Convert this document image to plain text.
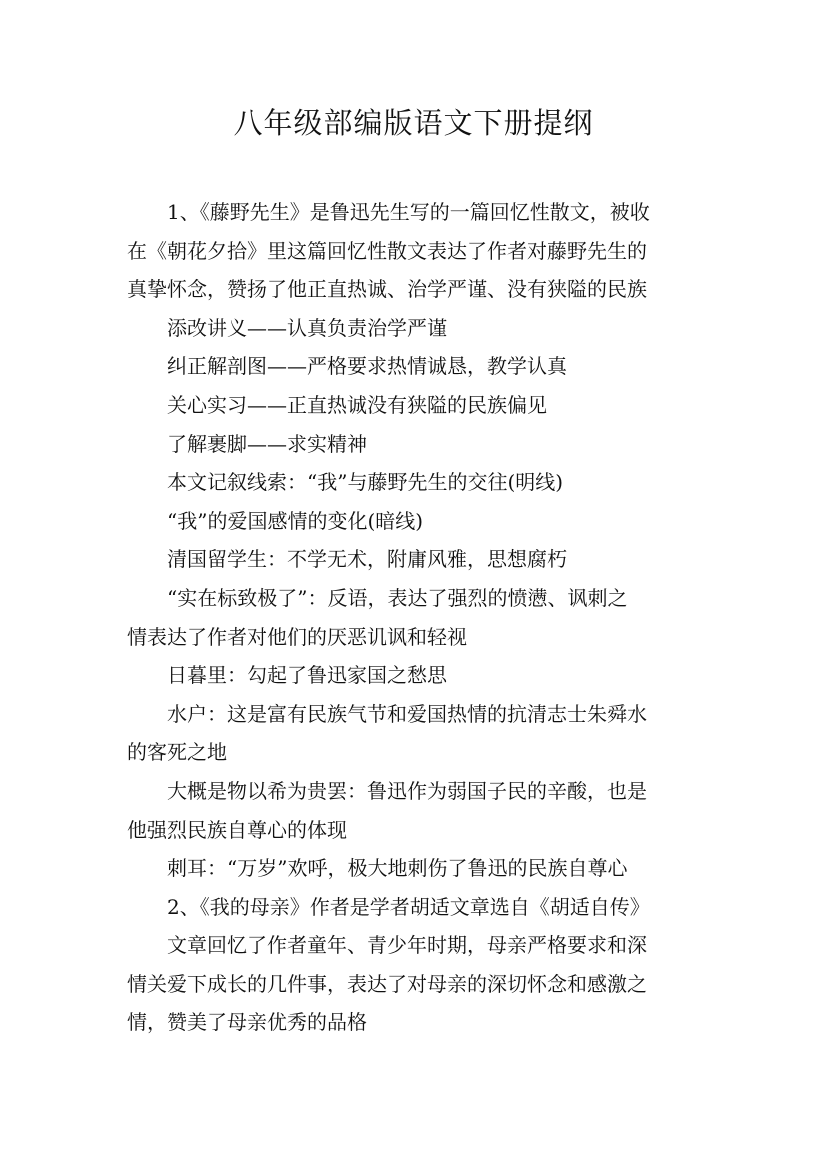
八年级部编版语文下册提纲
1、《藤野先生》是鲁迅先生写的一篇回忆性散文，被收
在《朝花夕拾》里这篇回忆性散文表达了作者对藤野先生的
真挚怀念，赞扬了他正直热诚、治学严谨、没有狭隘的民族
添改讲义——认真负责治学严谨
纠正解剖图——严格要求热情诚恳，教学认真
关心实习——正直热诚没有狭隘的民族偏见
了解裹脚——求实精神
本文记叙线索：“我”与藤野先生的交往(明线)
“我”的爱国感情的变化(暗线)
清国留学生：不学无术，附庸风雅，思想腐朽
“实在标致极了”：反语，表达了强烈的愤懑、讽刺之
情表达了作者对他们的厌恶讥讽和轻视
日暮里：勾起了鲁迅家国之愁思
水户：这是富有民族气节和爱国热情的抗清志士朱舜水
的客死之地
大概是物以希为贵罢：鲁迅作为弱国子民的辛酸，也是
他强烈民族自尊心的体现
刺耳：“万岁”欢呼，极大地刺伤了鲁迅的民族自尊心
2、《我的母亲》作者是学者胡适文章选自《胡适自传》
文章回忆了作者童年、青少年时期，母亲严格要求和深
情关爱下成长的几件事，表达了对母亲的深切怀念和感激之
情，赞美了母亲优秀的品格
